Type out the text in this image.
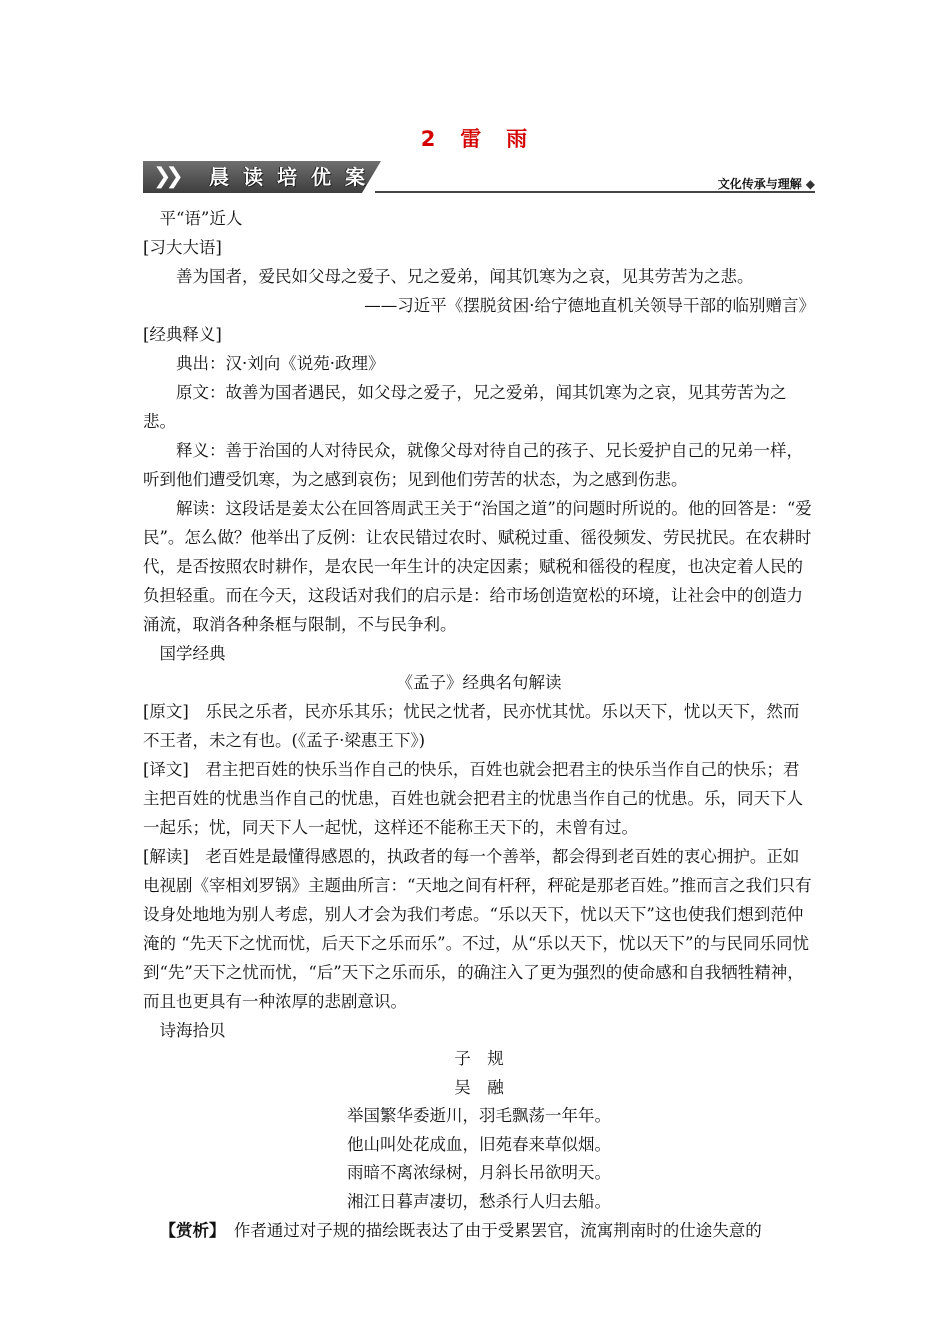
2　雷　雨
❯❯	晨 读 培 优 案	文化传承与理解 ◆

平“语”近人

[习大大语]

善为国者，爱民如父母之爱子、兄之爱弟，闻其饥寒为之哀，见其劳苦为之悲。

——习近平《摆脱贫困·给宁德地直机关领导干部的临别赠言》

[经典释义]

典出：汉·刘向《说苑·政理》

原文：故善为国者遇民，如父母之爱子，兄之爱弟，闻其饥寒为之哀，见其劳苦为之悲。

释义：善于治国的人对待民众，就像父母对待自己的孩子、兄长爱护自己的兄弟一样，听到他们遭受饥寒，为之感到哀伤；见到他们劳苦的状态，为之感到伤悲。

解读：这段话是姜太公在回答周武王关于“治国之道”的问题时所说的。他的回答是：“爱民”。怎么做？他举出了反例：让农民错过农时、赋税过重、徭役频发、劳民扰民。在农耕时代，是否按照农时耕作，是农民一年生计的决定因素；赋税和徭役的程度，也决定着人民的负担轻重。而在今天，这段话对我们的启示是：给市场创造宽松的环境，让社会中的创造力涌流，取消各种条框与限制，不与民争利。

国学经典

《孟子》经典名句解读

[原文]　乐民之乐者，民亦乐其乐；忧民之忧者，民亦忧其忧。乐以天下，忧以天下，然而不王者，未之有也。(《孟子·梁惠王下》)

[译文]　君主把百姓的快乐当作自己的快乐，百姓也就会把君主的快乐当作自己的快乐；君主把百姓的忧患当作自己的忧患，百姓也就会把君主的忧患当作自己的忧患。乐，同天下人一起乐；忧，同天下人一起忧，这样还不能称王天下的，未曾有过。

[解读]　老百姓是最懂得感恩的，执政者的每一个善举，都会得到老百姓的衷心拥护。正如电视剧《宰相刘罗锅》主题曲所言：“天地之间有杆秤，秤砣是那老百姓。”推而言之我们只有设身处地地为别人考虑，别人才会为我们考虑。“乐以天下，忧以天下”这也使我们想到范仲淹的 “先天下之忧而忧，后天下之乐而乐”。不过，从“乐以天下，忧以天下”的与民同乐同忧到“先”天下之忧而忧，“后”天下之乐而乐，的确注入了更为强烈的使命感和自我牺牲精神，而且也更具有一种浓厚的悲剧意识。

诗海拾贝

子　规

吴　融

举国繁华委逝川，羽毛飘荡一年年。

他山叫处花成血，旧苑春来草似烟。

雨暗不离浓绿树，月斜长吊欲明天。

湘江日暮声凄切，愁杀行人归去船。

【赏析】　作者通过对子规的描绘既表达了由于受累罢官，流寓荆南时的仕途失意的
